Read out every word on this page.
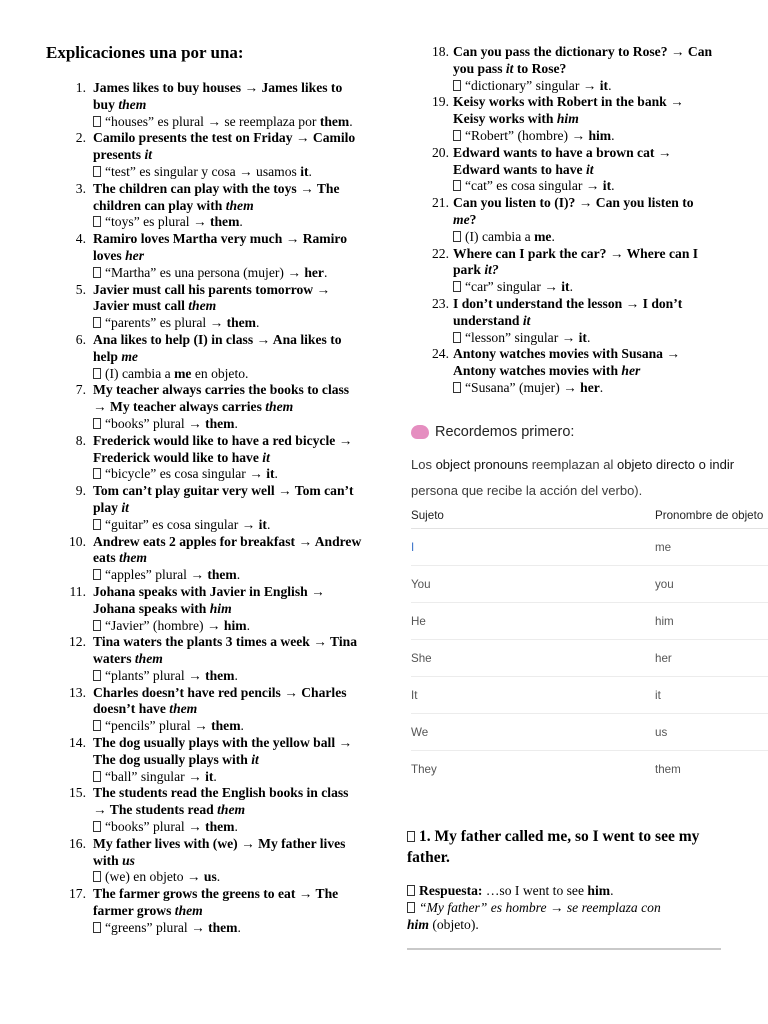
Explicaciones una por una:
1. James likes to buy houses → James likes to buy them
“houses” es plural → se reemplaza por them.
2. Camilo presents the test on Friday → Camilo presents it
“test” es singular y cosa → usamos it.
3. The children can play with the toys → The children can play with them
“toys” es plural → them.
4. Ramiro loves Martha very much → Ramiro loves her
“Martha” es una persona (mujer) → her.
5. Javier must call his parents tomorrow → Javier must call them
“parents” es plural → them.
6. Ana likes to help (I) in class → Ana likes to help me
(I) cambia a me en objeto.
7. My teacher always carries the books to class → My teacher always carries them
“books” plural → them.
8. Frederick would like to have a red bicycle → Frederick would like to have it
“bicycle” es cosa singular → it.
9. Tom can’t play guitar very well → Tom can’t play it
“guitar” es cosa singular → it.
10. Andrew eats 2 apples for breakfast → Andrew eats them
“apples” plural → them.
11. Johana speaks with Javier in English → Johana speaks with him
“Javier” (hombre) → him.
12. Tina waters the plants 3 times a week → Tina waters them
“plants” plural → them.
13. Charles doesn’t have red pencils → Charles doesn’t have them
“pencils” plural → them.
14. The dog usually plays with the yellow ball → The dog usually plays with it
“ball” singular → it.
15. The students read the English books in class → The students read them
“books” plural → them.
16. My father lives with (we) → My father lives with us
(we) en objeto → us.
17. The farmer grows the greens to eat → The farmer grows them
“greens” plural → them.
18. Can you pass the dictionary to Rose? → Can you pass it to Rose?
“dictionary” singular → it.
19. Keisy works with Robert in the bank → Keisy works with him
“Robert” (hombre) → him.
20. Edward wants to have a brown cat → Edward wants to have it
“cat” es cosa singular → it.
21. Can you listen to (I)? → Can you listen to me?
(I) cambia a me.
22. Where can I park the car? → Where can I park it?
“car” singular → it.
23. I don’t understand the lesson → I don’t understand it
“lesson” singular → it.
24. Antony watches movies with Susana → Antony watches movies with her
“Susana” (mujer) → her.
Recordemos primero:
Los object pronouns reemplazan al objeto directo o indir
persona que recibe la acción del verbo).
Sujeto	Pronombre de objeto
I	me
You	you
He	him
She	her
It	it
We	us
They	them

1. My father called me, so I went to see my father.

Respuesta: …so I went to see him.
“My father” es hombre → se reemplaza con
him (objeto).
